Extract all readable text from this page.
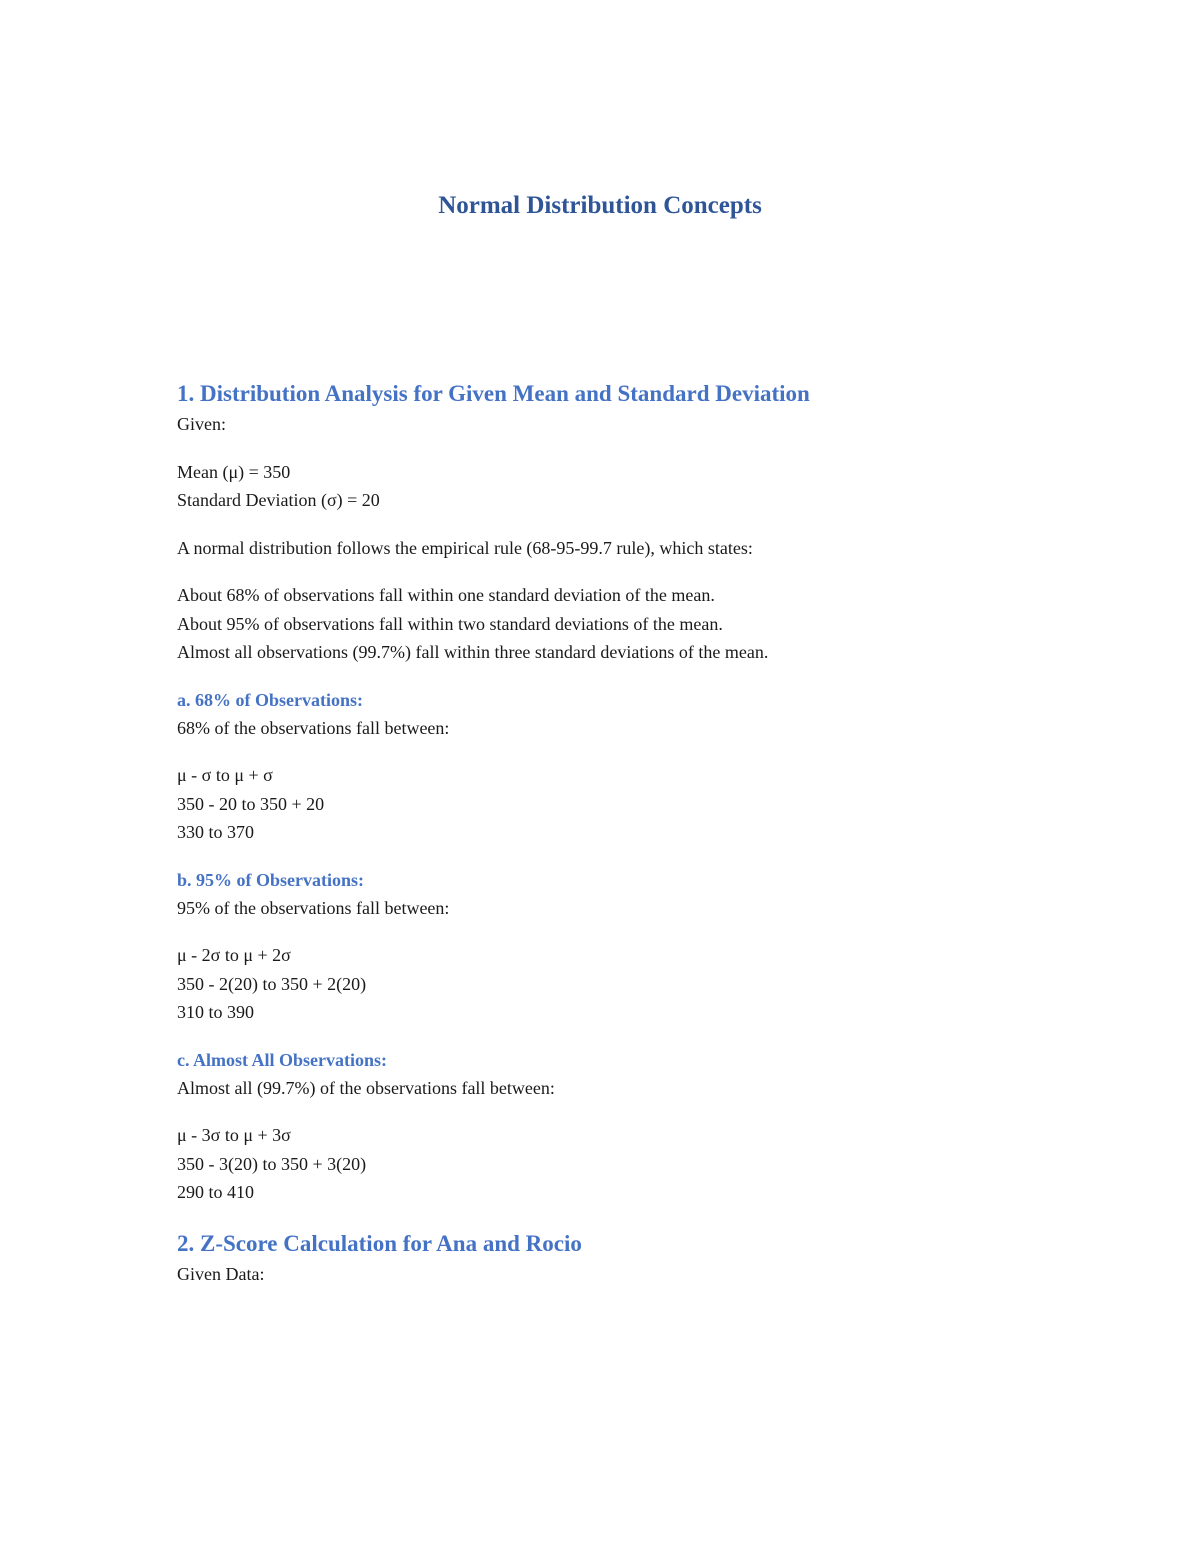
Normal Distribution Concepts
1. Distribution Analysis for Given Mean and Standard Deviation
Given:
Mean (μ) = 350
Standard Deviation (σ) = 20
A normal distribution follows the empirical rule (68-95-99.7 rule), which states:
About 68% of observations fall within one standard deviation of the mean.
About 95% of observations fall within two standard deviations of the mean.
Almost all observations (99.7%) fall within three standard deviations of the mean.
a. 68% of Observations:
68% of the observations fall between:
μ - σ to μ + σ
350 - 20 to 350 + 20
330 to 370
b. 95% of Observations:
95% of the observations fall between:
μ - 2σ to μ + 2σ
350 - 2(20) to 350 + 2(20)
310 to 390
c. Almost All Observations:
Almost all (99.7%) of the observations fall between:
μ - 3σ to μ + 3σ
350 - 3(20) to 350 + 3(20)
290 to 410
2. Z-Score Calculation for Ana and Rocio
Given Data:
